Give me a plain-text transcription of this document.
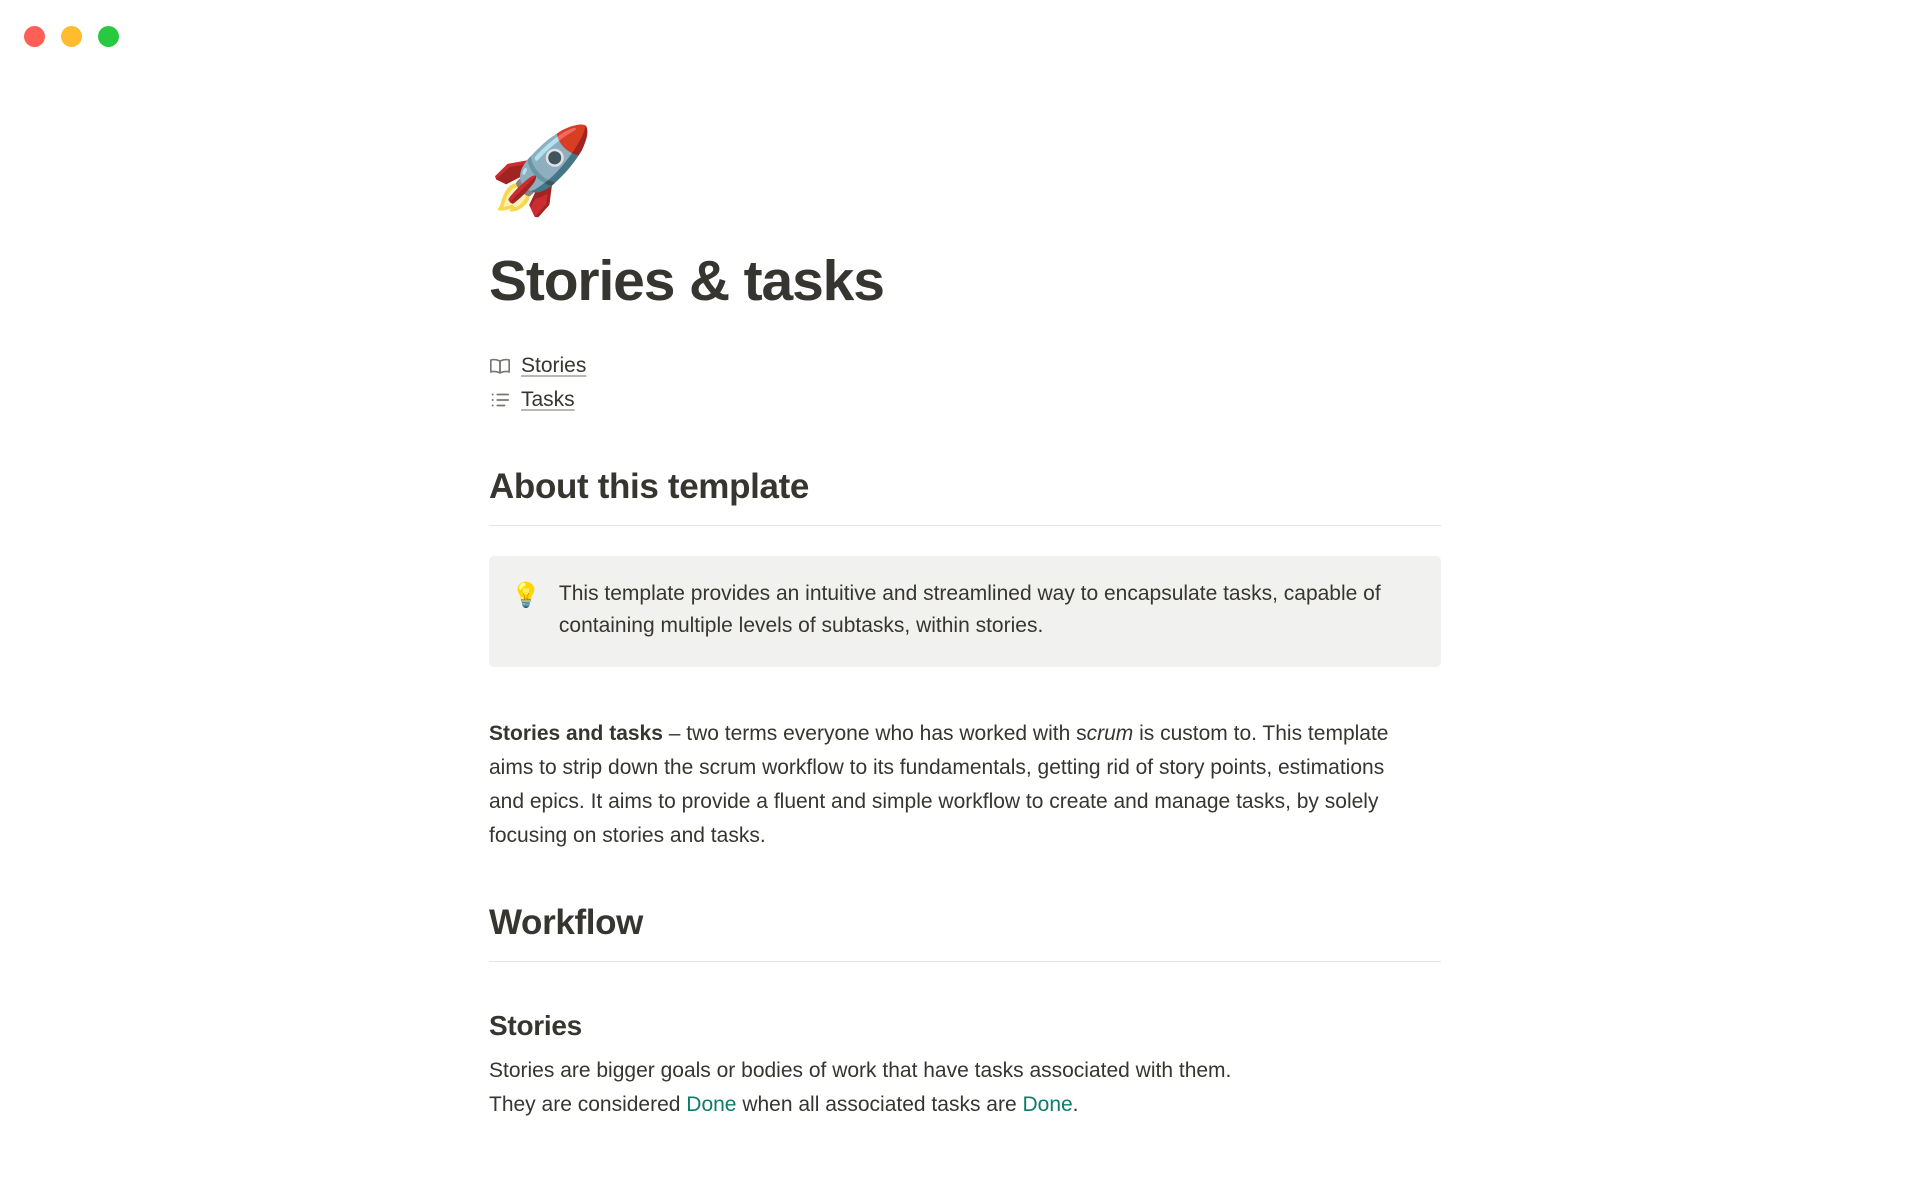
🚀
Stories & tasks
Stories
Tasks
About this template
💡 This template provides an intuitive and streamlined way to encapsulate tasks, capable of containing multiple levels of subtasks, within stories.

Stories and tasks – two terms everyone who has worked with scrum is custom to. This template aims to strip down the scrum workflow to its fundamentals, getting rid of story points, estimations and epics. It aims to provide a fluent and simple workflow to create and manage tasks, by solely focusing on stories and tasks.

Workflow
Stories

Stories are bigger goals or bodies of work that have tasks associated with them.
They are considered Done when all associated tasks are Done.
